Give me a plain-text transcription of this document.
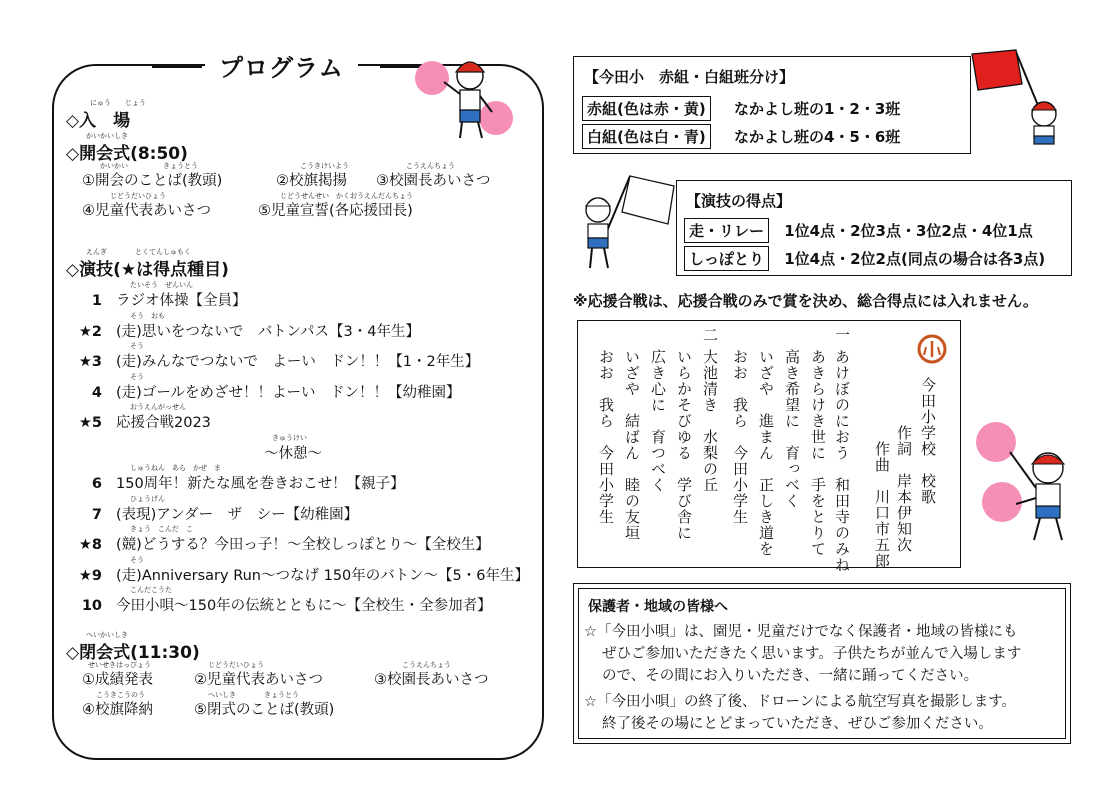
プログラム
にゅう　　じょう
◇入　場
かいかいしき
◇開会式(8:50)
かいかい　　　　　きょうとう	こうきけいよう	こうえんちょう
①開会のことば(教頭)	②校旗掲揚 ③校園長あいさつ
じどうだいひょう	じどうせんせい　かくおうえんだんちょう
④児童代表あいさつ	⑤児童宣誓(各応援団長)
えんぎ　　　　とくてんしゅもく
◇演技(★は得点種目)
たいそう　ぜんいん
1 ラジオ体操【全員】
そう　おも
★2 (走)思いをつないで　バトンパス【3・4年生】
そう
★3 (走)みんなでつないで　よーい　ドン！！【1・2年生】
そう
4 (走)ゴールをめざせ！！よーい　ドン！！【幼稚園】
おうえんがっせん
★5 応援合戦2023
きゅうけい
～休憩～
しゅうねん　あら　かぜ　ま
6 150周年！新たな風を巻きおこせ！【親子】
ひょうげん
7 (表現)アンダー　ザ　シー【幼稚園】
きょう　こんだ　こ
★8 (競)どうする？今田っ子！～全校しっぽとり～【全校生】
そう
★9 (走)Anniversary Run～つなげ 150年のバトン～【5・6年生】
こんだこうた
10 今田小唄～150年の伝統とともに～【全校生・全参加者】
へいかいしき
◇閉会式(11:30)
せいせきはっぴょう	じどうだいひょう	こうえんちょう
①成績発表	②児童代表あいさつ	③校園長あいさつ
こうきこうのう	へいしき　　　　きょうとう
④校旗降納	⑤閉式のことば(教頭)
【今田小　赤組・白組班分け】
赤組(色は赤・黄) なかよし班の1・2・3班
白組(色は白・青) なかよし班の4・5・6班
【演技の得点】
走・リレー 1位4点・2位3点・3位2点・4位1点
しっぽとり 1位4点・2位2点(同点の場合は各3点)
※応援合戦は、応援合戦のみで賞を決め、総合得点には入れません。
今田小学校　校歌
作詞　岸本伊知次
作曲　川口市五郎
一
あけぼのにおう　和田寺のみね
あきらけき世に　手をとりて
高き希望に　育っべく
いざや　進まん　正しき道を
おお　我ら　今田小学生
二
大池清き　水梨の丘
いらかそびゆる　学び舎に
広き心に　育つべく
いざや　結ばん　睦の友垣
おお　我ら　今田小学生
保護者・地域の皆様へ
☆「今田小唄」は、園児・児童だけでなく保護者・地域の皆様にも
ぜひご参加いただきたく思います。子供たちが並んで入場します
ので、その間にお入りいただき、一緒に踊ってください。
☆「今田小唄」の終了後、ドローンによる航空写真を撮影します。
終了後その場にとどまっていただき、ぜひご参加ください。
